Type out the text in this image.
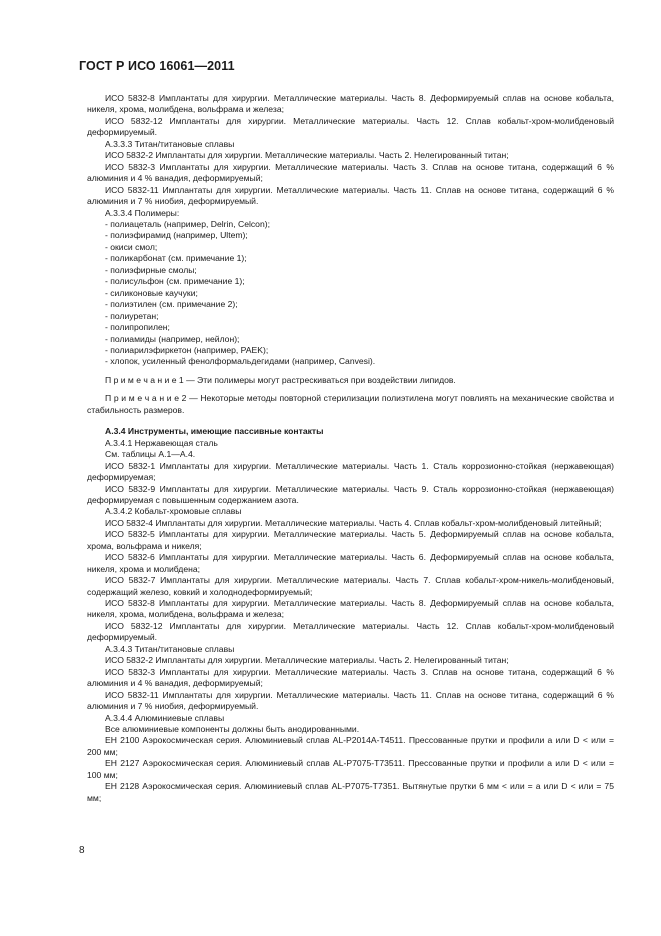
ГОСТ Р ИСО 16061—2011

ИСО 5832-8 Имплантаты для хирургии. Металлические материалы. Часть 8. Деформируемый сплав на основе кобальта, никеля, хрома, молибдена, вольфрама и железа;

ИСО 5832-12 Имплантаты для хирургии. Металлические материалы. Часть 12. Сплав кобальт-хром-молибденовый деформируемый.

A.3.3.3 Титан/титановые сплавы

ИСО 5832-2 Имплантаты для хирургии. Металлические материалы. Часть 2. Нелегированный титан;

ИСО 5832-3 Имплантаты для хирургии. Металлические материалы. Часть 3. Сплав на основе титана, содержащий 6 % алюминия и 4 % ванадия, деформируемый;

ИСО 5832-11 Имплантаты для хирургии. Металлические материалы. Часть 11. Сплав на основе титана, содержащий 6 % алюминия и 7 % ниобия, деформируемый.

A.3.3.4 Полимеры:

- полиацеталь (например, Delrin, Celcon);

- полиэфирамид (например, Ultem);

- окиси смол;

- поликарбонат (см. примечание 1);

- полиэфирные смолы;

- полисульфон (см. примечание 1);

- силиконовые каучуки;

- полиэтилен (см. примечание 2);

- полиуретан;

- полипропилен;

- полиамиды (например, нейлон);

- полиарилэфиркетон (например, PAEK);

- хлопок, усиленный фенолформальдегидами (например, Canvesi).

П р и м е ч а н и е 1 — Эти полимеры могут растрескиваться при воздействии липидов.

П р и м е ч а н и е 2 — Некоторые методы повторной стерилизации полиэтилена могут повлиять на механические свойства и стабильность размеров.

A.3.4 Инструменты, имеющие пассивные контакты

A.3.4.1 Нержавеющая сталь

См. таблицы А.1—А.4.

ИСО 5832-1 Имплантаты для хирургии. Металлические материалы. Часть 1. Сталь коррозионно-стойкая (нержавеющая) деформируемая;

ИСО 5832-9 Имплантаты для хирургии. Металлические материалы. Часть 9. Сталь коррозионно-стойкая (нержавеющая) деформируемая с повышенным содержанием азота.

A.3.4.2 Кобальт-хромовые сплавы

ИСО 5832-4 Имплантаты для хирургии. Металлические материалы. Часть 4. Сплав кобальт-хром-молибденовый литейный;

ИСО 5832-5 Имплантаты для хирургии. Металлические материалы. Часть 5. Деформируемый сплав на основе кобальта, хрома, вольфрама и никеля;

ИСО 5832-6 Имплантаты для хирургии. Металлические материалы. Часть 6. Деформируемый сплав на основе кобальта, никеля, хрома и молибдена;

ИСО 5832-7 Имплантаты для хирургии. Металлические материалы. Часть 7. Сплав кобальт-хром-никель-молибденовый, содержащий железо, ковкий и холоднодеформируемый;

ИСО 5832-8 Имплантаты для хирургии. Металлические материалы. Часть 8. Деформируемый сплав на основе кобальта, никеля, хрома, молибдена, вольфрама и железа;

ИСО 5832-12 Имплантаты для хирургии. Металлические материалы. Часть 12. Сплав кобальт-хром-молибденовый деформируемый.

A.3.4.3 Титан/титановые сплавы

ИСО 5832-2 Имплантаты для хирургии. Металлические материалы. Часть 2. Нелегированный титан;

ИСО 5832-3 Имплантаты для хирургии. Металлические материалы. Часть 3. Сплав на основе титана, содержащий 6 % алюминия и 4 % ванадия, деформируемый;

ИСО 5832-11 Имплантаты для хирургии. Металлические материалы. Часть 11. Сплав на основе титана, содержащий 6 % алюминия и 7 % ниобия, деформируемый.

A.3.4.4 Алюминиевые сплавы

Все алюминиевые компоненты должны быть анодированными.

ЕН 2100 Аэрокосмическая серия. Алюминиевый сплав AL-P2014A-T4511. Прессованные прутки и профили a или D < или = 200 мм;

ЕН 2127 Аэрокосмическая серия. Алюминиевый сплав AL-P7075-T73511. Прессованные прутки и профили a или D < или = 100 мм;

ЕН 2128 Аэрокосмическая серия. Алюминиевый сплав AL-P7075-T7351. Вытянутые прутки 6 мм < или = a или D < или = 75 мм;

8
